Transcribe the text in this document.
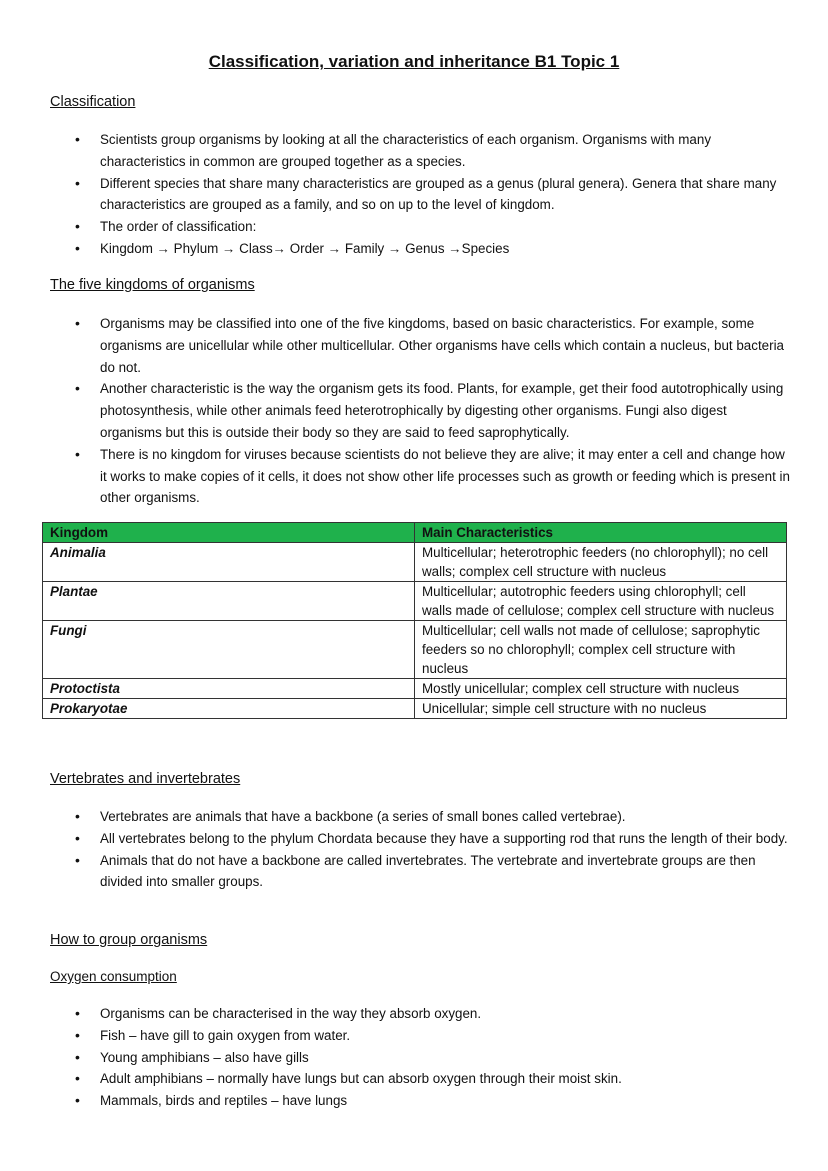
Classification, variation and inheritance B1 Topic 1
Classification
• Scientists group organisms by looking at all the characteristics of each organism. Organisms with many characteristics in common are grouped together as a species.
• Different species that share many characteristics are grouped as a genus (plural genera). Genera that share many characteristics are grouped as a family, and so on up to the level of kingdom.
• The order of classification:
• Kingdom → Phylum → Class→ Order → Family → Genus →Species
The five kingdoms of organisms
• Organisms may be classified into one of the five kingdoms, based on basic characteristics. For example, some organisms are unicellular while other multicellular. Other organisms have cells which contain a nucleus, but bacteria do not.
• Another characteristic is the way the organism gets its food. Plants, for example, get their food autotrophically using photosynthesis, while other animals feed heterotrophically by digesting other organisms. Fungi also digest organisms but this is outside their body so they are said to feed saprophytically.
• There is no kingdom for viruses because scientists do not believe they are alive; it may enter a cell and change how it works to make copies of it cells, it does not show other life processes such as growth or feeding which is present in other organisms.
Kingdom	Main Characteristics
Animalia	Multicellular; heterotrophic feeders (no chlorophyll); no cell walls; complex cell structure with nucleus
Plantae	Multicellular; autotrophic feeders using chlorophyll; cell walls made of cellulose; complex cell structure with nucleus
Fungi	Multicellular; cell walls not made of cellulose; saprophytic feeders so no chlorophyll; complex cell structure with nucleus
Protoctista	Mostly unicellular; complex cell structure with nucleus
Prokaryotae	Unicellular; simple cell structure with no nucleus
Vertebrates and invertebrates
• Vertebrates are animals that have a backbone (a series of small bones called vertebrae).
• All vertebrates belong to the phylum Chordata because they have a supporting rod that runs the length of their body.
• Animals that do not have a backbone are called invertebrates. The vertebrate and invertebrate groups are then divided into smaller groups.
How to group organisms
Oxygen consumption
• Organisms can be characterised in the way they absorb oxygen.
• Fish – have gill to gain oxygen from water.
• Young amphibians – also have gills
• Adult amphibians – normally have lungs but can absorb oxygen through their moist skin.
• Mammals, birds and reptiles – have lungs
